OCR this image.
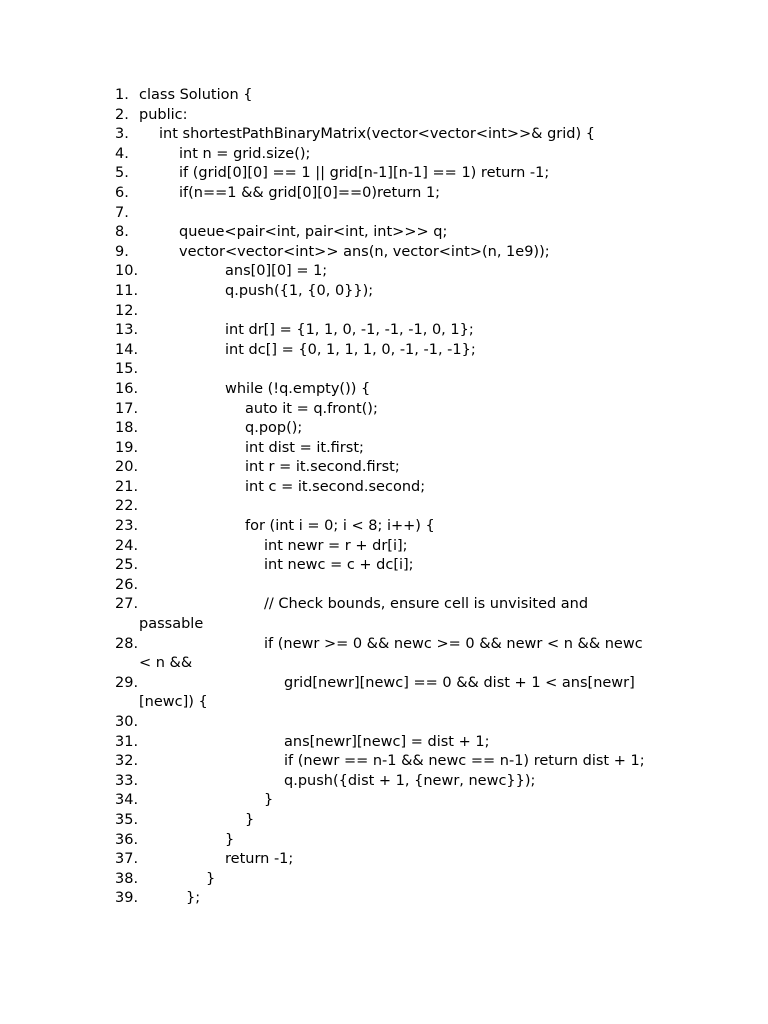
1. class Solution {
2. public:
3.	int shortestPathBinaryMatrix(vector<vector<int>>& grid) {
4.	int n = grid.size();
5.	if (grid[0][0] == 1 || grid[n-1][n-1] == 1) return -1;
6.	if(n==1 && grid[0][0]==0)return 1;
7.
8.	queue<pair<int, pair<int, int>>> q;
9.	vector<vector<int>> ans(n, vector<int>(n, 1e9));
10.	ans[0][0] = 1;
11.	q.push({1, {0, 0}});
12.
13.	int dr[] = {1, 1, 0, -1, -1, -1, 0, 1};
14.	int dc[] = {0, 1, 1, 1, 0, -1, -1, -1};
15.
16.	while (!q.empty()) {
17.	auto it = q.front();
18.	q.pop();
19.	int dist = it.first;
20.	int r = it.second.first;
21.	int c = it.second.second;
22.
23.	for (int i = 0; i < 8; i++) {
24.	int newr = r + dr[i];
25.	int newc = c + dc[i];
26.
27.	// Check bounds, ensure cell is unvisited and
passable
28.	if (newr >= 0 && newc >= 0 && newr < n && newc
< n &&
29.	grid[newr][newc] == 0 && dist + 1 < ans[newr]
[newc]) {
30.
31.	ans[newr][newc] = dist + 1;
32.	if (newr == n-1 && newc == n-1) return dist + 1;
33.	q.push({dist + 1, {newr, newc}});
34.	}
35.	}
36.	}
37.	return -1;
38.	}
39.	};
